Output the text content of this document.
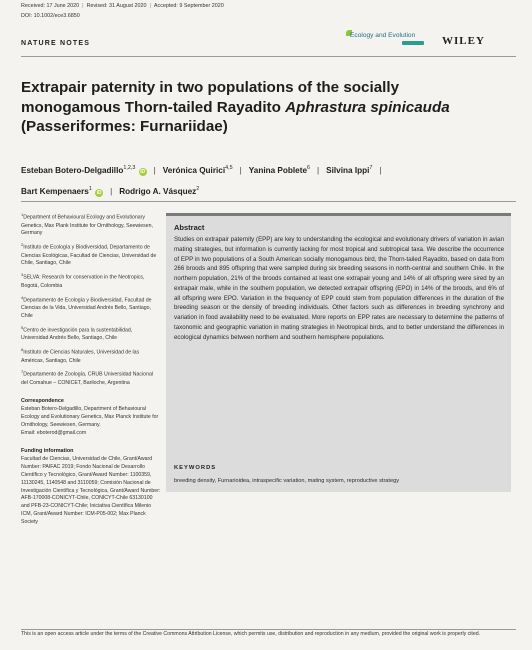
Received: 17 June 2020 | Revised: 31 August 2020 | Accepted: 9 September 2020
DOI: 10.1002/ece3.6850
NATURE NOTES
Ecology and Evolution WILEY
Extrapair paternity in two populations of the socially monogamous Thorn-tailed Rayadito Aphrastura spinicauda (Passeriformes: Furnariidae)
Esteban Botero-Delgadillo$^{1,2,3}$ iD | Verónica Quirici$^{4,5}$ | Yanina Poblete$^6$ | Silvina Ippi$^7$ |
Bart Kempenaers$^1$ iD | Rodrigo A. Vásquez$^2$
$^1$Department of Behavioural Ecology and Evolutionary Genetics, Max Plank Institute for Ornithology, Seewiesen, Germany
$^2$Instituto de Ecología y Biodiversidad, Departamento de Ciencias Ecológicas, Facultad de Ciencias, Universidad de Chile, Santiago, Chile
$^3$SELVA: Research for conservation in the Neotropics, Bogotá, Colombia
$^4$Departamento de Ecología y Biodiversidad, Facultad de Ciencias de la Vida, Universidad Andrés Bello, Santiago, Chile
$^5$Centro de investigación para la sustentabilidad, Universidad Andrés Bello, Santiago, Chile
$^6$Instituto de Ciencias Naturales, Universidad de las Américas, Santiago, Chile
$^7$Departamento de Zoología, CRUB Universidad Nacional del Comahue – CONICET, Bariloche, Argentina
Correspondence
Esteban Botero-Delgadillo, Department of Behavioural Ecology and Evolutionary Genetics, Max Planck Institute for Ornithology, Seewiesen, Germany.
Email: eboterod@gmail.com
Funding information
Facultad de Ciencias, Universidad de Chile, Grant/Award Number: PAIFAC 2019; Fondo Nacional de Desarrollo Científico y Tecnológico, Grant/Award Number: 1100359, 11130245, 1140548 and 3110059; Comisión Nacional de Investigación Científica y Tecnológica, Grant/Award Number: AFB-170008-CONICYT-Chile, CONICYT-Chile 63130100 and PFB-23-CONICYT-Chile; Iniciativa Científica Milenio ICM, Grant/Award Number: ICM-P05-002; Max Planck Society
Abstract

Studies on extrapair paternity (EPP) are key to understanding the ecological and evolutionary drivers of variation in avian mating strategies, but information is currently lacking for most tropical and subtropical taxa. We describe the occurrence of EPP in two populations of a South American socially monogamous bird, the Thorn-tailed Rayadito, based on data from 266 broods and 895 offspring that were sampled during six breeding seasons in north-central and southern Chile. In the northern population, 21% of the broods contained at least one extrapair young and 14% of all offspring were sired by an extrapair male, while in the southern population, we detected extrapair offspring (EPO) in 14% of the broods, and 6% of all offspring were EPO. Variation in the frequency of EPP could stem from population differences in the duration of the breeding season or the density of breeding individuals. Other factors such as differences in breeding synchrony and variation in food availability need to be evaluated. More reports on EPP rates are necessary to determine the patterns of taxonomic and geographic variation in mating strategies in Neotropical birds, and to better understand the differences in ecological dynamics between northern and southern hemisphere populations.

KEYWORDS
breeding density, Furnarioidea, intraspecific variation, mating system, reproductive strategy
This is an open access article under the terms of the Creative Commons Attribution License, which permits use, distribution and reproduction in any medium, provided the original work is properly cited.
